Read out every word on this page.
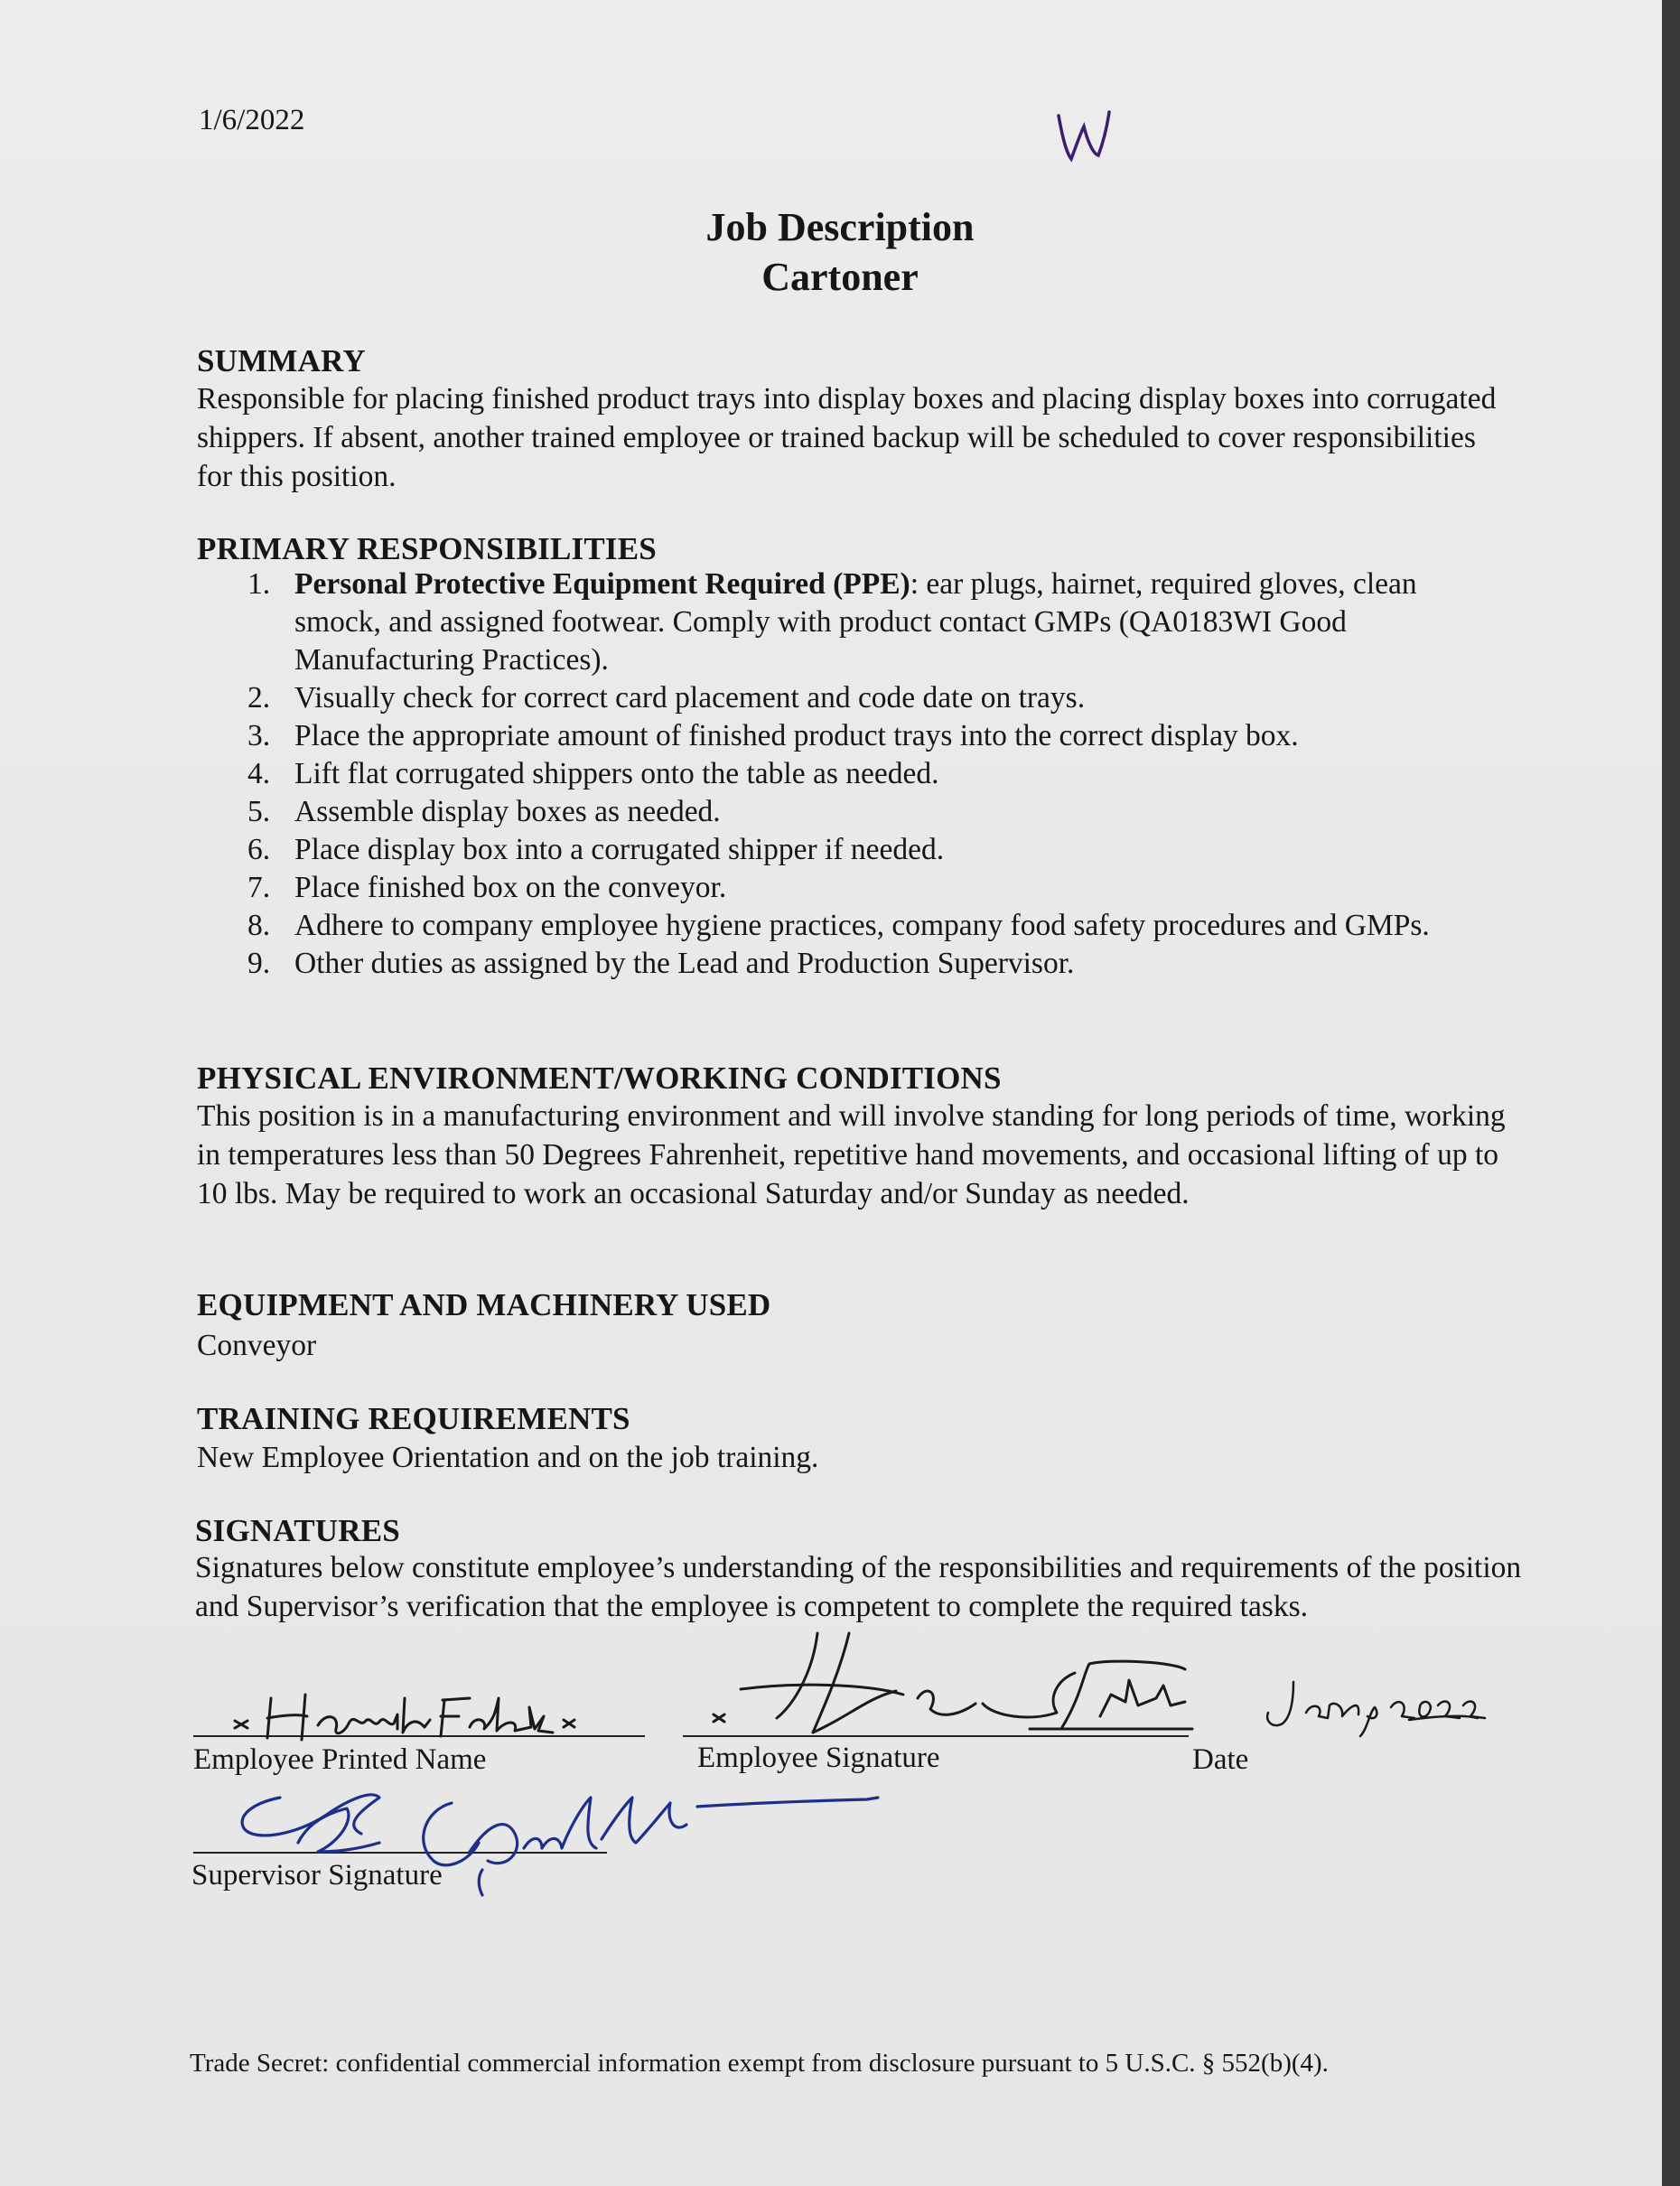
1/6/2022
Job Description
Cartoner
SUMMARY
Responsible for placing finished product trays into display boxes and placing display boxes into corrugated shippers. If absent, another trained employee or trained backup will be scheduled to cover responsibilities for this position.
PRIMARY RESPONSIBILITIES
1. Personal Protective Equipment Required (PPE): ear plugs, hairnet, required gloves, clean smock, and assigned footwear. Comply with product contact GMPs (QA0183WI Good Manufacturing Practices).
2. Visually check for correct card placement and code date on trays.
3. Place the appropriate amount of finished product trays into the correct display box.
4. Lift flat corrugated shippers onto the table as needed.
5. Assemble display boxes as needed.
6. Place display box into a corrugated shipper if needed.
7. Place finished box on the conveyor.
8. Adhere to company employee hygiene practices, company food safety procedures and GMPs.
9. Other duties as assigned by the Lead and Production Supervisor.
PHYSICAL ENVIRONMENT/WORKING CONDITIONS
This position is in a manufacturing environment and will involve standing for long periods of time, working in temperatures less than 50 Degrees Fahrenheit, repetitive hand movements, and occasional lifting of up to 10 lbs. May be required to work an occasional Saturday and/or Sunday as needed.
EQUIPMENT AND MACHINERY USED
Conveyor
TRAINING REQUIREMENTS
New Employee Orientation and on the job training.
SIGNATURES
Signatures below constitute employee’s understanding of the responsibilities and requirements of the position and Supervisor’s verification that the employee is competent to complete the required tasks.
Employee Printed Name	Employee Signature	Date
Supervisor Signature
Trade Secret: confidential commercial information exempt from disclosure pursuant to 5 U.S.C. § 552(b)(4).
